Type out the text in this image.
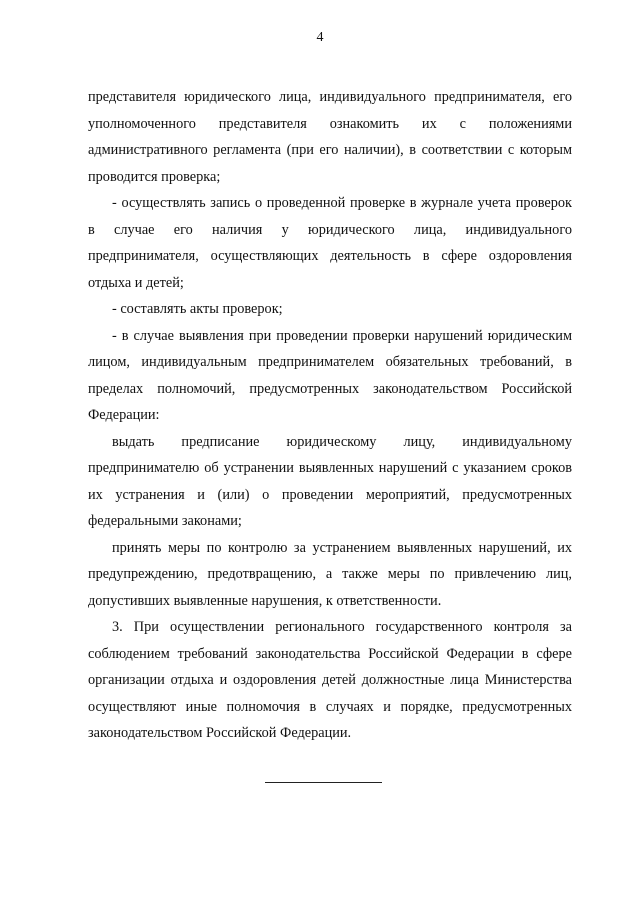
4

представителя юридического лица, индивидуального предпринимателя, его уполномоченного представителя ознакомить их с положениями административного регламента (при его наличии), в соответствии с которым проводится проверка;

- осуществлять запись о проведенной проверке в журнале учета проверок в случае его наличия у юридического лица, индивидуального предпринимателя, осуществляющих деятельность в сфере оздоровления отдыха и детей;

- составлять акты проверок;

- в случае выявления при проведении проверки нарушений юридическим лицом, индивидуальным предпринимателем обязательных требований, в пределах полномочий, предусмотренных законодательством Российской Федерации:

выдать предписание юридическому лицу, индивидуальному предпринимателю об устранении выявленных нарушений с указанием сроков их устранения и (или) о проведении мероприятий, предусмотренных федеральными законами;

принять меры по контролю за устранением выявленных нарушений, их предупреждению, предотвращению, а также меры по привлечению лиц, допустивших выявленные нарушения, к ответственности.

3. При осуществлении регионального государственного контроля за соблюдением требований законодательства Российской Федерации в сфере организации отдыха и оздоровления детей должностные лица Министерства осуществляют иные полномочия в случаях и порядке, предусмотренных законодательством Российской Федерации.
